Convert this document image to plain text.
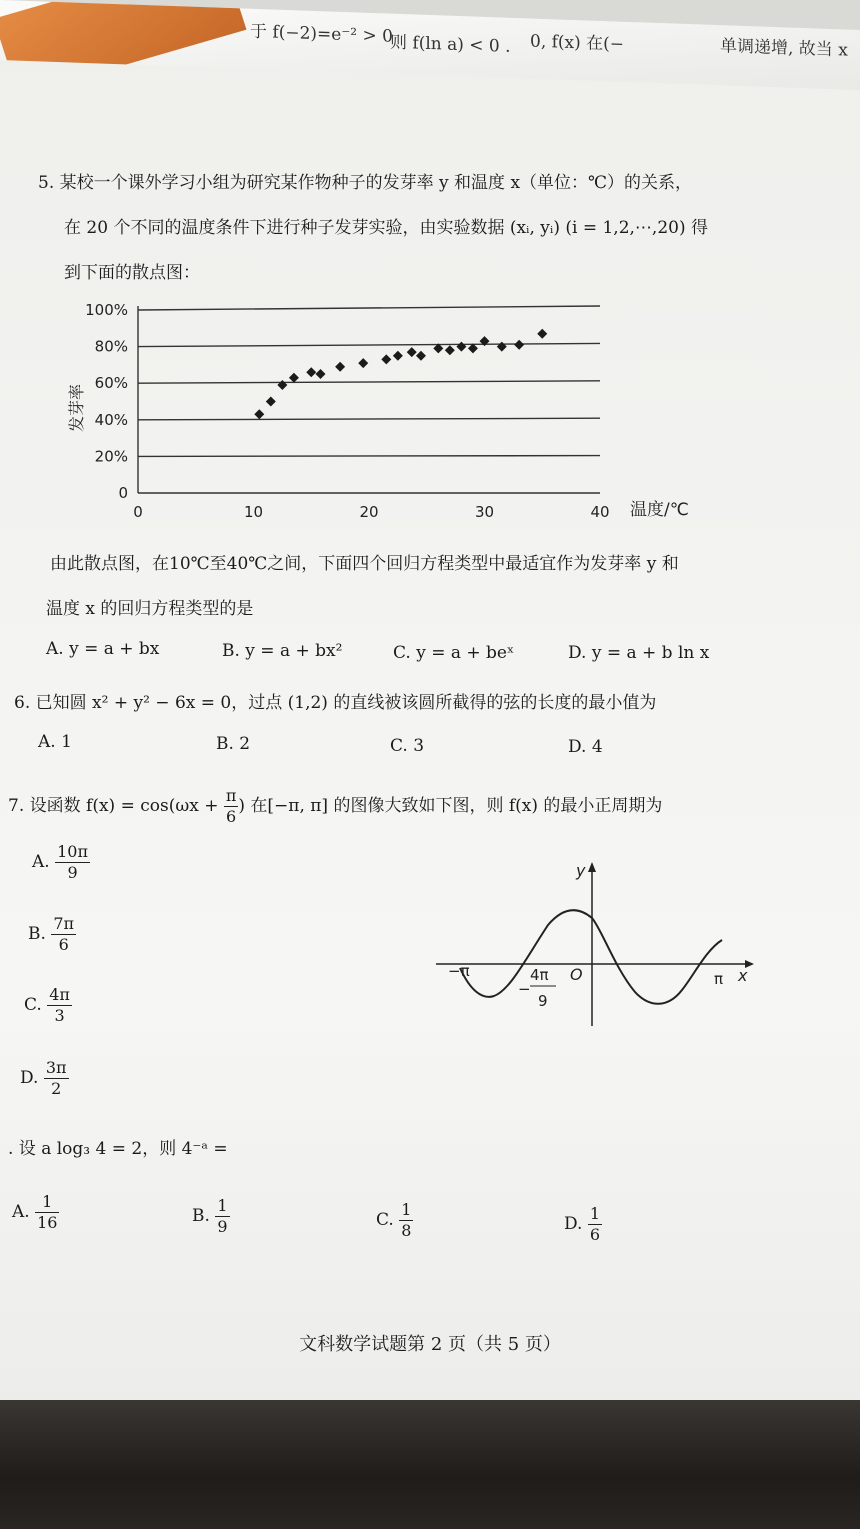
于 f(−2)=e⁻² > 0
则 f(ln a) < 0 . 0, f(x) 在(−	单调递增, 故当 x
5. 某校一个课外学习小组为研究某作物种子的发芽率 y 和温度 x（单位：℃）的关系，
在 20 个不同的温度条件下进行种子发芽实验，由实验数据 (xᵢ, yᵢ) (i = 1,2,⋯,20) 得
到下面的散点图：
0
20%
40%
60%
80%
100%
0	10	20	30	40
发芽率
温度/℃
由此散点图，在10℃至40℃之间，下面四个回归方程类型中最适宜作为发芽率 y 和
温度 x 的回归方程类型的是
A. y = a + bx	B. y = a + bx²	C. y = a + beˣ	D. y = a + b ln x
6. 已知圆 x² + y² − 6x = 0，过点 (1,2) 的直线被该圆所截得的弦的长度的最小值为
A. 1	B. 2	C. 3	D. 4
7. 设函数 $f(x) = \cos(\omega x + \frac{\pi}{6}$ ) 在[−π, π] 的图像大致如下图，则 f(x) 的最小正周期为
A. $\frac{10\pi}{9}$
B. $\frac{7\pi}{6}$
C. $\frac{4\pi}{3}$
D. $\frac{3\pi}{2}$
y
x
O
−π	π
−
4π
9
. 设 a log₃ 4 = 2，则 4⁻ᵃ =
A. $\frac{1}{16}$	B. $\frac{1}{9}$	C. $\frac{1}{8}$	D. $\frac{1}{6}$
文科数学试题第 2 页（共 5 页）
